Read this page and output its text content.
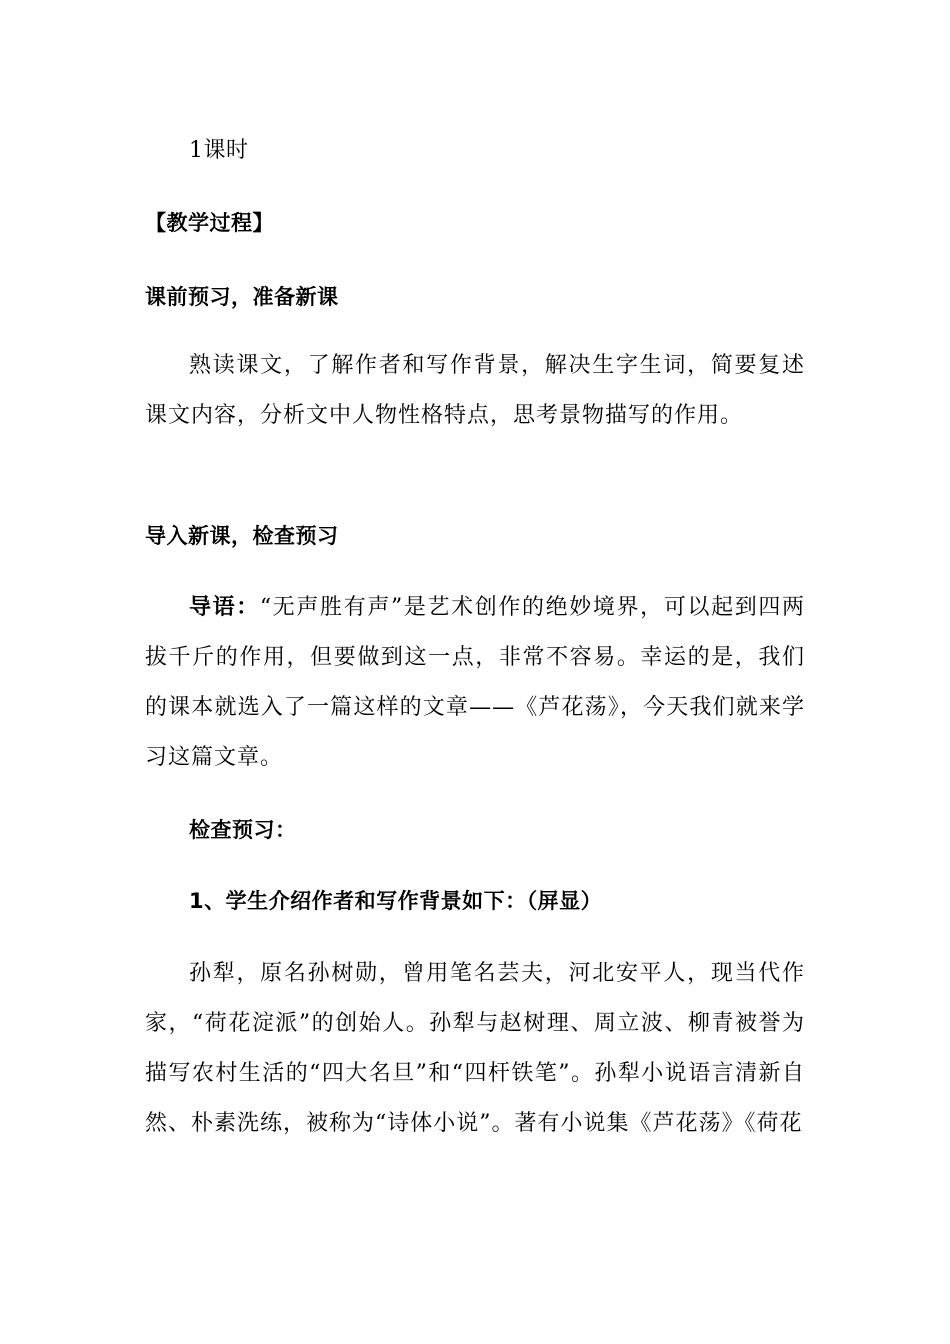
1课时
【教学过程】
课前预习，准备新课
熟读课文，了解作者和写作背景，解决生字生词，简要复述课文内容，分析文中人物性格特点，思考景物描写的作用。
导入新课，检查预习
导语：“无声胜有声”是艺术创作的绝妙境界，可以起到四两拔千斤的作用，但要做到这一点，非常不容易。幸运的是，我们的课本就选入了一篇这样的文章——《芦花荡》，今天我们就来学习这篇文章。
检查预习：
1、学生介绍作者和写作背景如下：（屏显）
孙犁，原名孙树勋，曾用笔名芸夫，河北安平人，现当代作家，“荷花淀派”的创始人。孙犁与赵树理、周立波、柳青被誉为描写农村生活的“四大名旦”和“四杆铁笔”。孙犁小说语言清新自然、朴素洗练，被称为“诗体小说”。著有小说集《芦花荡》《荷花
